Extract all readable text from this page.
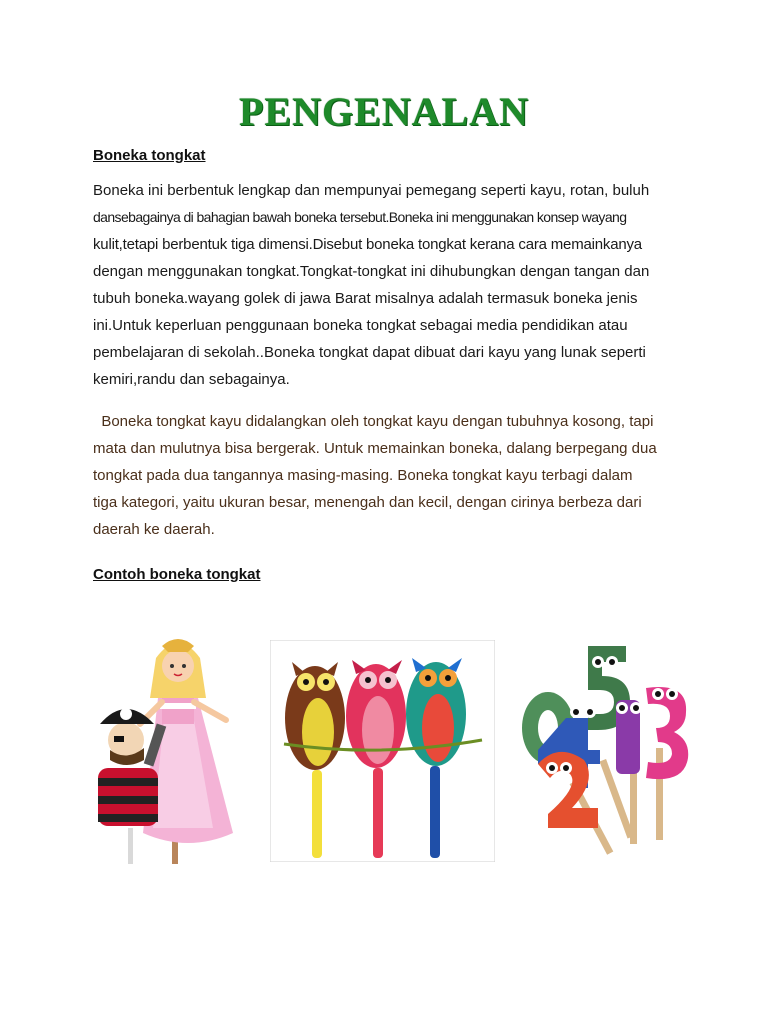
PENGENALAN
Boneka tongkat
Boneka ini berbentuk lengkap dan mempunyai pemegang seperti kayu, rotan, buluh
dansebagainya di bahagian bawah boneka tersebut.Boneka ini menggunakan konsep wayang
kulit,tetapi berbentuk tiga dimensi.Disebut boneka tongkat kerana cara memainkanya
dengan menggunakan tongkat.Tongkat-tongkat ini dihubungkan dengan tangan dan
tubuh boneka.wayang golek di jawa Barat misalnya adalah termasuk boneka jenis
ini.Untuk keperluan penggunaan boneka tongkat sebagai media pendidikan atau
pembelajaran di sekolah..Boneka tongkat dapat dibuat dari kayu yang lunak seperti
kemiri,randu dan sebagainya.
Boneka tongkat kayu didalangkan oleh tongkat kayu dengan tubuhnya kosong, tapi
mata dan mulutnya bisa bergerak. Untuk memainkan boneka, dalang berpegang dua
tongkat pada dua tangannya masing-masing. Boneka tongkat kayu terbagi dalam
tiga kategori, yaitu ukuran besar, menengah dan kecil, dengan cirinya berbeza dari
daerah ke daerah.
Contoh boneka tongkat
